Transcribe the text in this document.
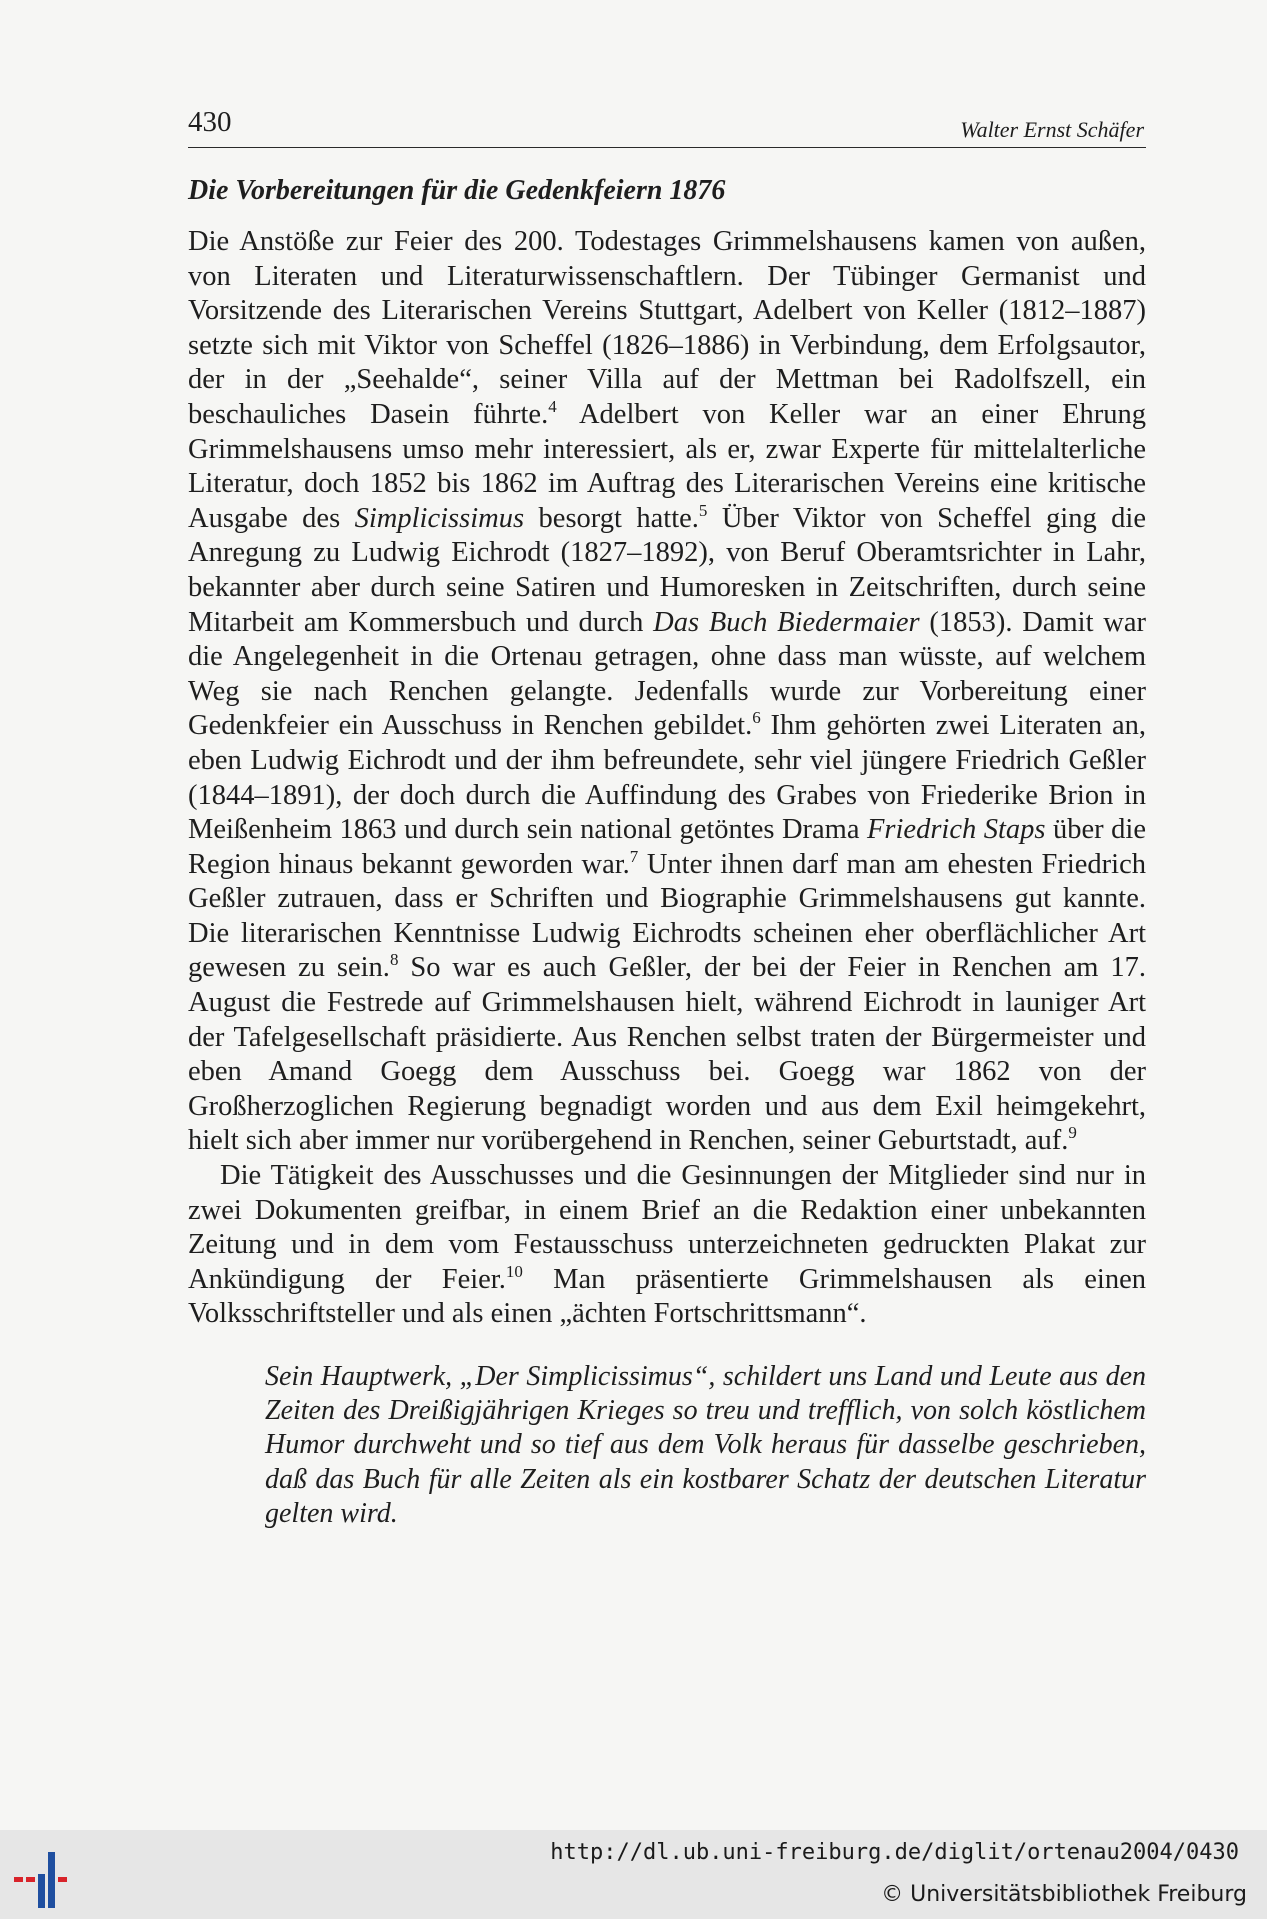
430	Walter Ernst Schäfer
Die Vorbereitungen für die Gedenkfeiern 1876

Die Anstöße zur Feier des 200. Todestages Grimmelshausens kamen von außen, von Literaten und Literaturwissenschaftlern. Der Tübinger Germanist und Vorsitzende des Literarischen Vereins Stuttgart, Adelbert von Keller (1812–1887) setzte sich mit Viktor von Scheffel (1826–1886) in Verbindung, dem Erfolgsautor, der in der „Seehalde“, seiner Villa auf der Mettman bei Radolfszell, ein beschauliches Dasein führte.$^4$ Adelbert von Keller war an einer Ehrung Grimmelshausens umso mehr interessiert, als er, zwar Experte für mittelalterliche Literatur, doch 1852 bis 1862 im Auftrag des Literarischen Vereins eine kritische Ausgabe des Simplicissimus besorgt hatte.$^5$ Über Viktor von Scheffel ging die Anregung zu Ludwig Eichrodt (1827–1892), von Beruf Oberamtsrichter in Lahr, bekannter aber durch seine Satiren und Humoresken in Zeitschriften, durch seine Mitarbeit am Kommersbuch und durch Das Buch Biedermaier (1853). Damit war die Angelegenheit in die Ortenau getragen, ohne dass man wüsste, auf welchem Weg sie nach Renchen gelangte. Jedenfalls wurde zur Vorbereitung einer Gedenkfeier ein Ausschuss in Renchen gebildet.$^6$ Ihm gehörten zwei Literaten an, eben Ludwig Eichrodt und der ihm befreundete, sehr viel jüngere Friedrich Geßler (1844–1891), der doch durch die Auffindung des Grabes von Friederike Brion in Meißenheim 1863 und durch sein national getöntes Drama Friedrich Staps über die Region hinaus bekannt geworden war.$^7$ Unter ihnen darf man am ehesten Friedrich Geßler zutrauen, dass er Schriften und Biographie Grimmelshausens gut kannte. Die literarischen Kenntnisse Ludwig Eichrodts scheinen eher oberflächlicher Art gewesen zu sein.$^8$ So war es auch Geßler, der bei der Feier in Renchen am 17. August die Festrede auf Grimmelshausen hielt, während Eichrodt in launiger Art der Tafelgesellschaft präsidierte. Aus Renchen selbst traten der Bürgermeister und eben Amand Goegg dem Ausschuss bei. Goegg war 1862 von der Großherzoglichen Regierung begnadigt worden und aus dem Exil heimgekehrt, hielt sich aber immer nur vorübergehend in Renchen, seiner Geburtstadt, auf.$^9$

Die Tätigkeit des Ausschusses und die Gesinnungen der Mitglieder sind nur in zwei Dokumenten greifbar, in einem Brief an die Redaktion einer unbekannten Zeitung und in dem vom Festausschuss unterzeichneten gedruckten Plakat zur Ankündigung der Feier.$^{10}$ Man präsentierte Grimmelshausen als einen Volksschriftsteller und als einen „ächten Fortschrittsmann“.

Sein Hauptwerk, „Der Simplicissimus“, schildert uns Land und Leute aus den Zeiten des Dreißigjährigen Krieges so treu und trefflich, von solch köstlichem Humor durchweht und so tief aus dem Volk heraus für dasselbe geschrieben, daß das Buch für alle Zeiten als ein kostbarer Schatz der deutschen Literatur gelten wird.

http://dl.ub.uni-freiburg.de/diglit/ortenau2004/0430
© Universitätsbibliothek Freiburg
